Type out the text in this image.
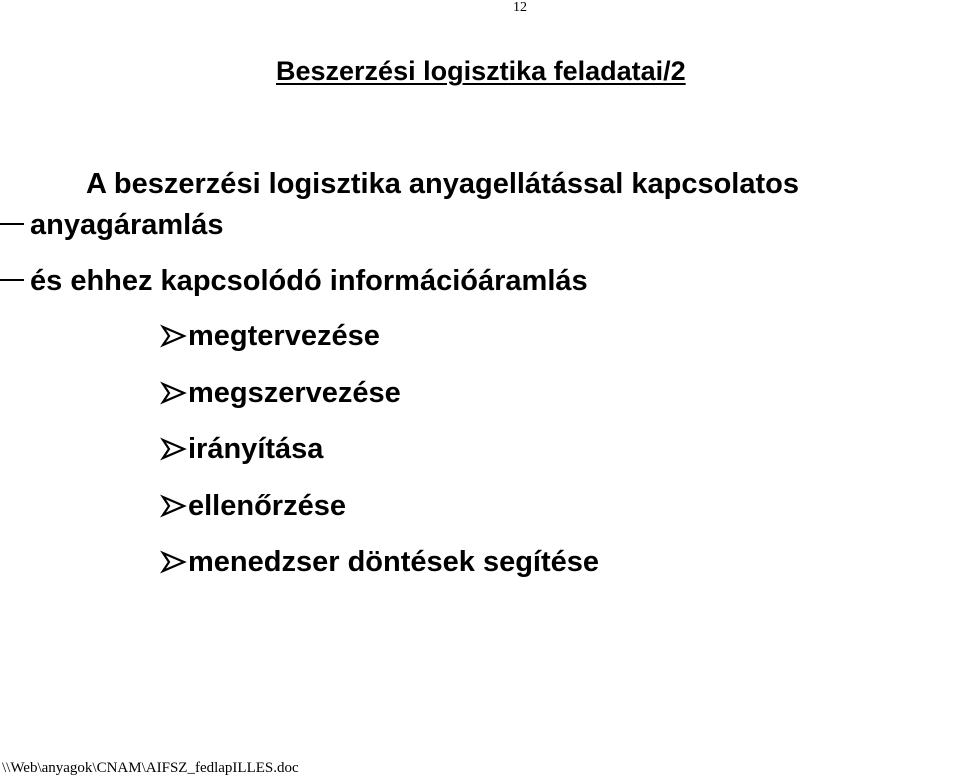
12
Beszerzési logisztika feladatai/2
A beszerzési logisztika anyagellátással kapcsolatos
anyagáramlás
és ehhez kapcsolódó információáramlás
megtervezése
megszervezése
irányítása
ellenőrzése
menedzser döntések segítése
\\Web\anyagok\CNAM\AIFSZ_fedlapILLES.doc
